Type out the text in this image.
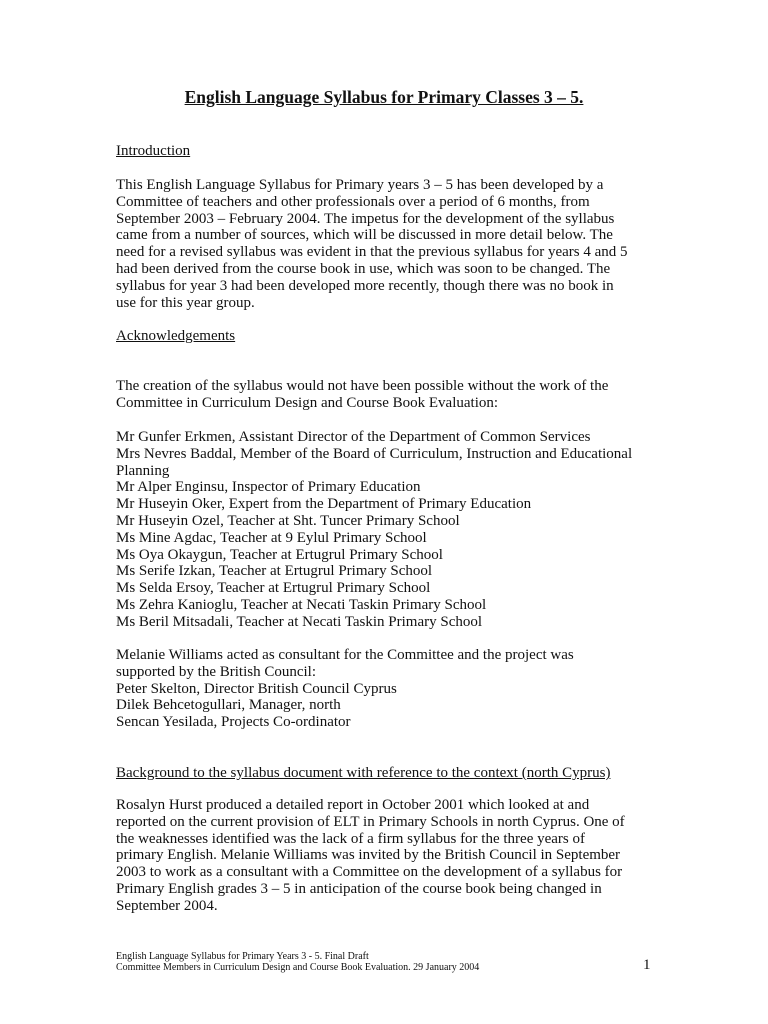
English Language Syllabus for Primary Classes 3 – 5.
Introduction
This English Language Syllabus for Primary years 3 – 5 has been developed by a
Committee of teachers and other professionals over a period of 6 months, from
September 2003 – February 2004. The impetus for the development of the syllabus
came from a number of sources, which will be discussed in more detail below. The
need for a revised syllabus was evident in that the previous syllabus for years 4 and 5
had been derived from the course book in use, which was soon to be changed. The
syllabus for year 3 had been developed more recently, though there was no book in
use for this year group.
Acknowledgements
The creation of the syllabus would not have been possible without the work of the
Committee in Curriculum Design and Course Book Evaluation:
Mr Gunfer Erkmen, Assistant Director of the Department of Common Services
Mrs Nevres Baddal, Member of the Board of Curriculum, Instruction and Educational
Planning
Mr Alper Enginsu, Inspector of Primary Education
Mr Huseyin Oker, Expert from the Department of Primary Education
Mr Huseyin Ozel, Teacher at Sht. Tuncer Primary School
Ms Mine Agdac, Teacher at 9 Eylul Primary School
Ms Oya Okaygun, Teacher at Ertugrul Primary School
Ms Serife Izkan, Teacher at Ertugrul Primary School
Ms Selda Ersoy, Teacher at Ertugrul Primary School
Ms Zehra Kanioglu, Teacher at Necati Taskin Primary School
Ms Beril Mitsadali, Teacher at Necati Taskin Primary School
Melanie Williams acted as consultant for the Committee and the project was
supported by the British Council:
Peter Skelton, Director British Council Cyprus
Dilek Behcetogullari, Manager, north
Sencan Yesilada, Projects Co-ordinator
Background to the syllabus document with reference to the context (north Cyprus)
Rosalyn Hurst produced a detailed report in October 2001 which looked at and
reported on the current provision of ELT in Primary Schools in north Cyprus. One of
the weaknesses identified was the lack of a firm syllabus for the three years of
primary English. Melanie Williams was invited by the British Council in September
2003 to work as a consultant with a Committee on the development of a syllabus for
Primary English grades 3 – 5 in anticipation of the course book being changed in
September 2004.
English Language Syllabus for Primary Years 3 - 5. Final Draft
Committee Members in Curriculum Design and Course Book Evaluation. 29 January 2004	1
